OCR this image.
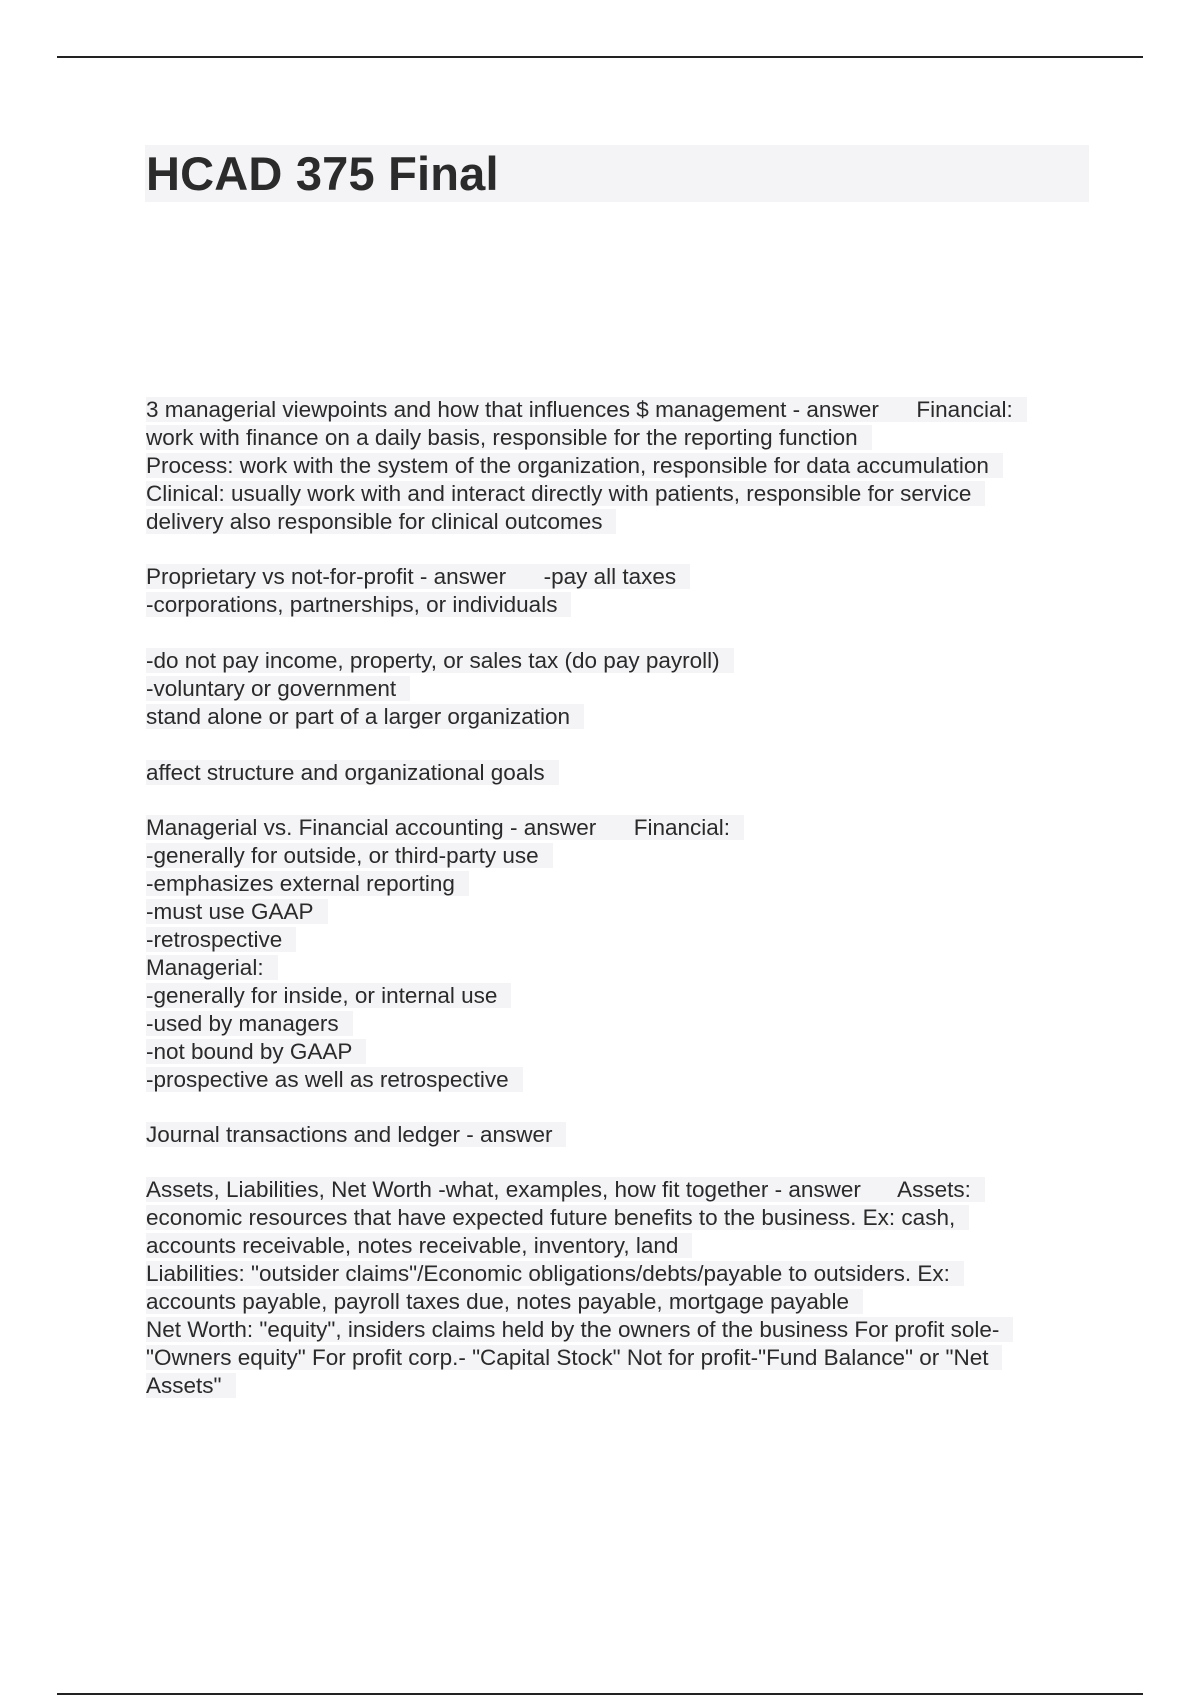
HCAD 375 Final
3 managerial viewpoints and how that influences $ management - answer      Financial:
work with finance on a daily basis, responsible for the reporting function
Process: work with the system of the organization, responsible for data accumulation
Clinical: usually work with and interact directly with patients, responsible for service
delivery also responsible for clinical outcomes
Proprietary vs not-for-profit - answer      -pay all taxes
-corporations, partnerships, or individuals
-do not pay income, property, or sales tax (do pay payroll)
-voluntary or government
stand alone or part of a larger organization
affect structure and organizational goals
Managerial vs. Financial accounting - answer      Financial:
-generally for outside, or third-party use
-emphasizes external reporting
-must use GAAP
-retrospective
Managerial:
-generally for inside, or internal use
-used by managers
-not bound by GAAP
-prospective as well as retrospective
Journal transactions and ledger - answer
Assets, Liabilities, Net Worth -what, examples, how fit together - answer      Assets:
economic resources that have expected future benefits to the business. Ex: cash,
accounts receivable, notes receivable, inventory, land
Liabilities: "outsider claims"/Economic obligations/debts/payable to outsiders. Ex:
accounts payable, payroll taxes due, notes payable, mortgage payable
Net Worth: "equity", insiders claims held by the owners of the business For profit sole-
"Owners equity" For profit corp.- "Capital Stock" Not for profit-"Fund Balance" or "Net
Assets"
